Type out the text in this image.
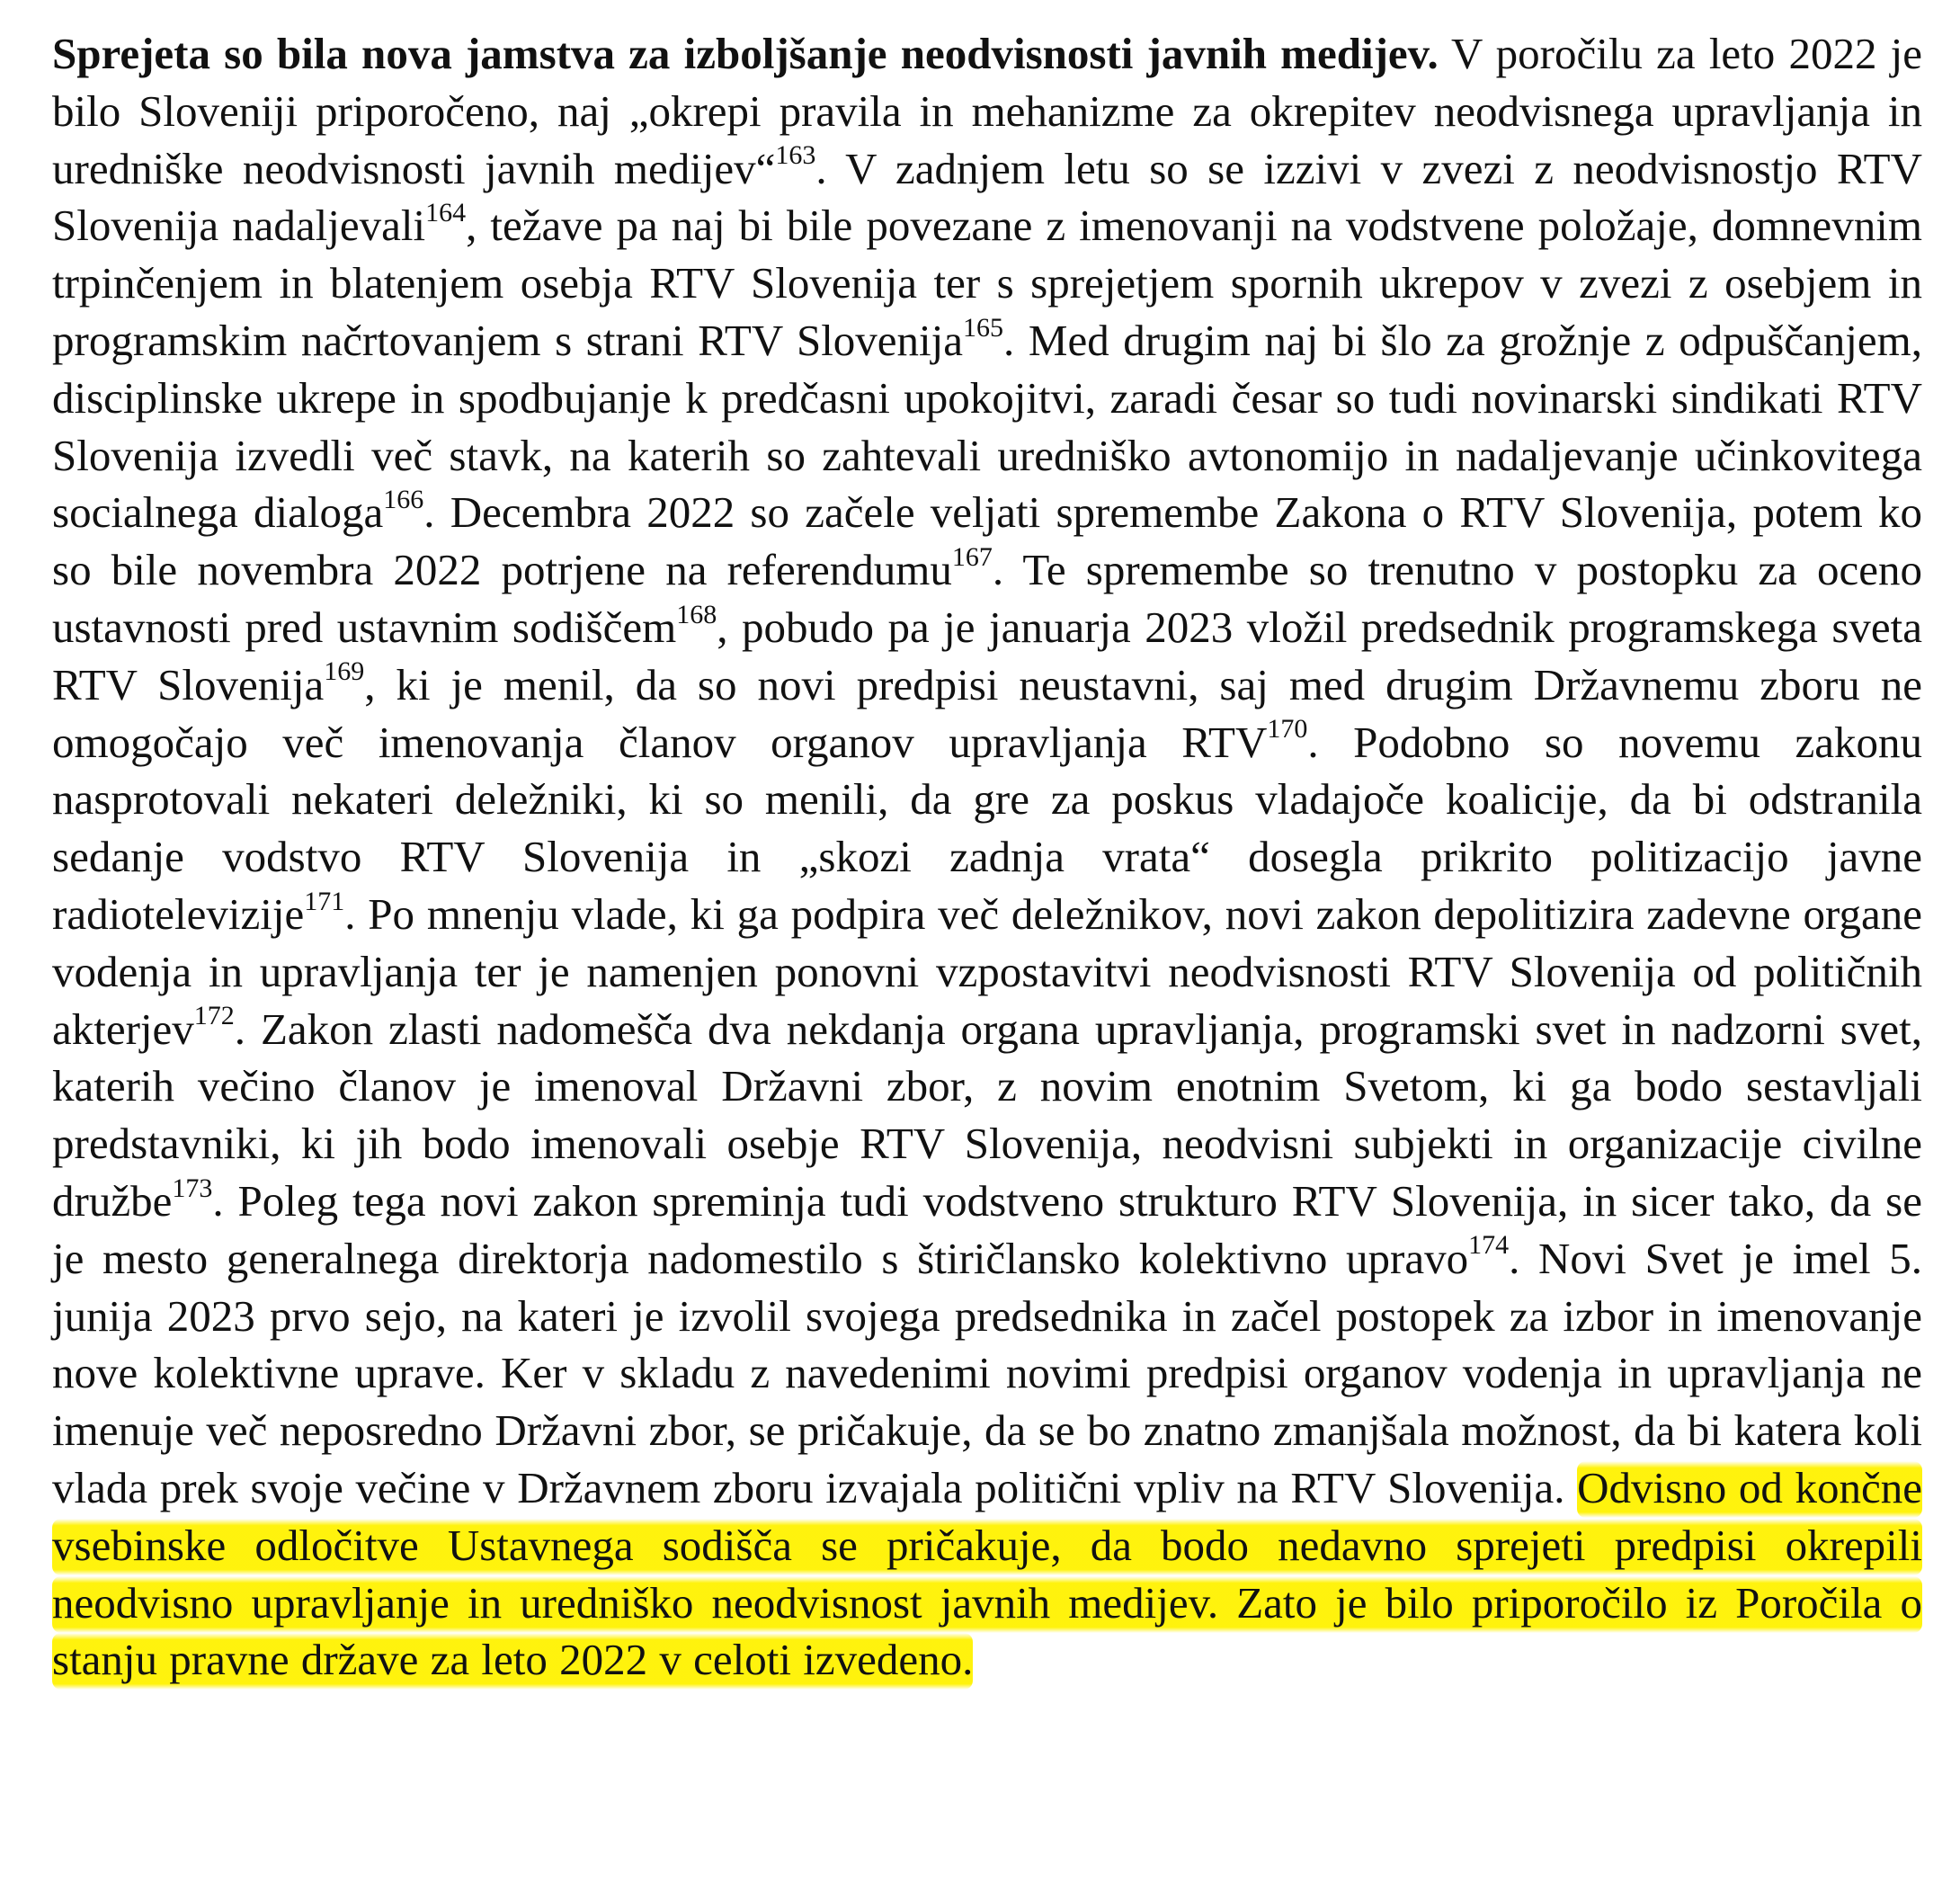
Sprejeta so bila nova jamstva za izboljšanje neodvisnosti javnih medijev. V poročilu za leto 2022 je bilo Sloveniji priporočeno, naj „okrepi pravila in mehanizme za okrepitev neodvisnega upravljanja in uredniške neodvisnosti javnih medijev“$^{163}$. V zadnjem letu so se izzivi v zvezi z neodvisnostjo RTV Slovenija nadaljevali$^{164}$, težave pa naj bi bile povezane z imenovanji na vodstvene položaje, domnevnim trpinčenjem in blatenjem osebja RTV Slovenija ter s sprejetjem spornih ukrepov v zvezi z osebjem in programskim načrtovanjem s strani RTV Slovenija$^{165}$. Med drugim naj bi šlo za grožnje z odpuščanjem, disciplinske ukrepe in spodbujanje k predčasni upokojitvi, zaradi česar so tudi novinarski sindikati RTV Slovenija izvedli več stavk, na katerih so zahtevali uredniško avtonomijo in nadaljevanje učinkovitega socialnega dialoga$^{166}$. Decembra 2022 so začele veljati spremembe Zakona o RTV Slovenija, potem ko so bile novembra 2022 potrjene na referendumu$^{167}$. Te spremembe so trenutno v postopku za oceno ustavnosti pred ustavnim sodiščem$^{168}$, pobudo pa je januarja 2023 vložil predsednik programskega sveta RTV Slovenija$^{169}$, ki je menil, da so novi predpisi neustavni, saj med drugim Državnemu zboru ne omogočajo več imenovanja članov organov upravljanja RTV$^{170}$. Podobno so novemu zakonu nasprotovali nekateri deležniki, ki so menili, da gre za poskus vladajoče koalicije, da bi odstranila sedanje vodstvo RTV Slovenija in „skozi zadnja vrata“ dosegla prikrito politizacijo javne radiotelevizije$^{171}$. Po mnenju vlade, ki ga podpira več deležnikov, novi zakon depolitizira zadevne organe vodenja in upravljanja ter je namenjen ponovni vzpostavitvi neodvisnosti RTV Slovenija od političnih akterjev$^{172}$. Zakon zlasti nadomešča dva nekdanja organa upravljanja, programski svet in nadzorni svet, katerih večino članov je imenoval Državni zbor, z novim enotnim Svetom, ki ga bodo sestavljali predstavniki, ki jih bodo imenovali osebje RTV Slovenija, neodvisni subjekti in organizacije civilne družbe$^{173}$. Poleg tega novi zakon spreminja tudi vodstveno strukturo RTV Slovenija, in sicer tako, da se je mesto generalnega direktorja nadomestilo s štiričlansko kolektivno upravo$^{174}$. Novi Svet je imel 5. junija 2023 prvo sejo, na kateri je izvolil svojega predsednika in začel postopek za izbor in imenovanje nove kolektivne uprave. Ker v skladu z navedenimi novimi predpisi organov vodenja in upravljanja ne imenuje več neposredno Državni zbor, se pričakuje, da se bo znatno zmanjšala možnost, da bi katera koli vlada prek svoje večine v Državnem zboru izvajala politični vpliv na RTV Slovenija. Odvisno od končne vsebinske odločitve Ustavnega sodišča se pričakuje, da bodo nedavno sprejeti predpisi okrepili neodvisno upravljanje in uredniško neodvisnost javnih medijev. Zato je bilo priporočilo iz Poročila o stanju pravne države za leto 2022 v celoti izvedeno.
